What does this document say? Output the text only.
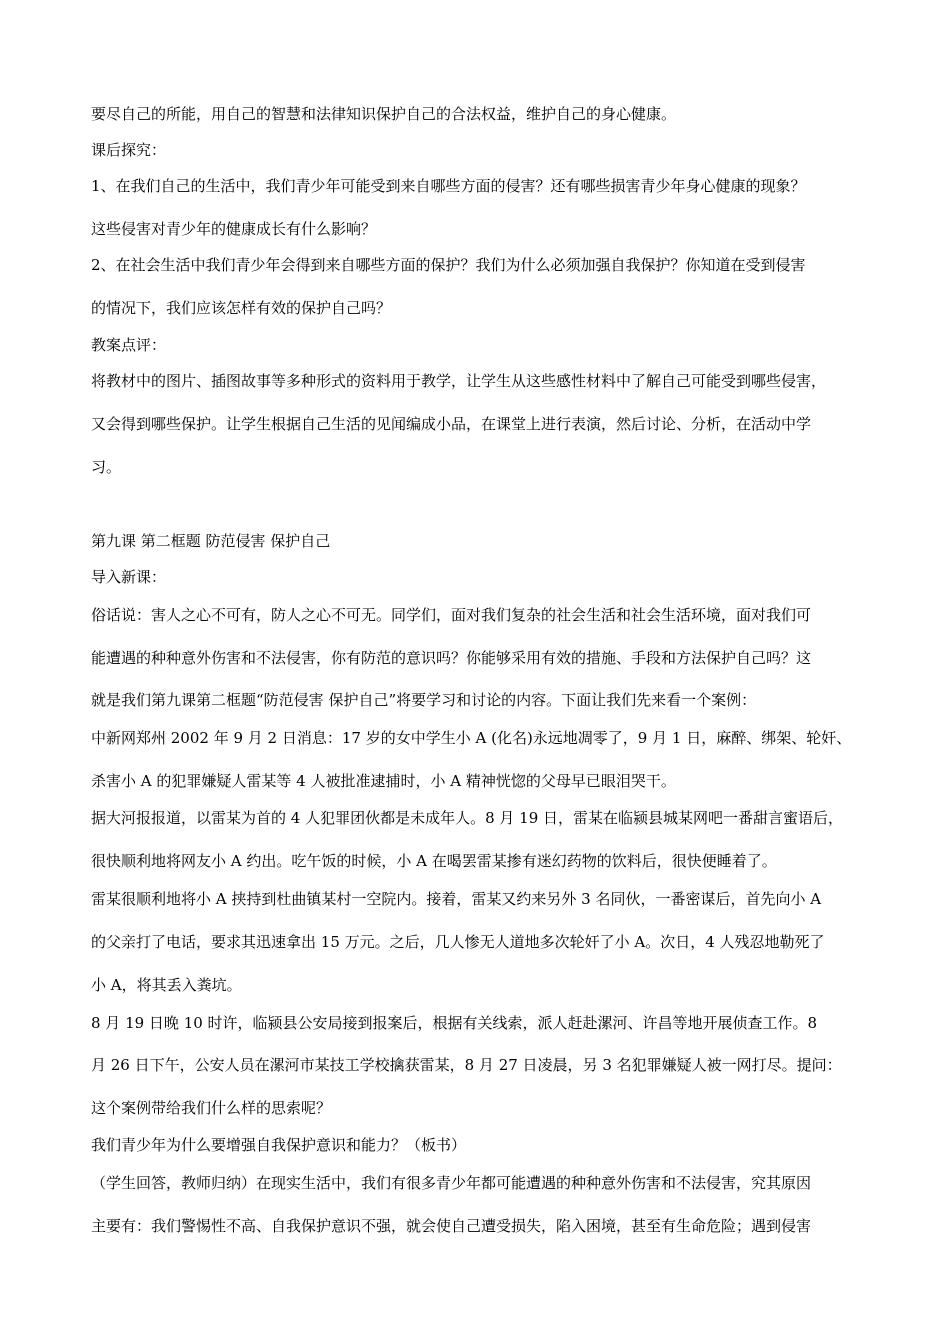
要尽自己的所能，用自己的智慧和法律知识保护自己的合法权益，维护自己的身心健康。
课后探究：
1、在我们自己的生活中，我们青少年可能受到来自哪些方面的侵害？还有哪些损害青少年身心健康的现象？
这些侵害对青少年的健康成长有什么影响？
2、在社会生活中我们青少年会得到来自哪些方面的保护？我们为什么必须加强自我保护？你知道在受到侵害
的情况下，我们应该怎样有效的保护自己吗？
教案点评：
将教材中的图片、插图故事等多种形式的资料用于教学，让学生从这些感性材料中了解自己可能受到哪些侵害，
又会得到哪些保护。让学生根据自己生活的见闻编成小品，在课堂上进行表演，然后讨论、分析，在活动中学
习。
第九课 第二框题 防范侵害 保护自己
导入新课：
俗话说：害人之心不可有，防人之心不可无。同学们，面对我们复杂的社会生活和社会生活环境，面对我们可
能遭遇的种种意外伤害和不法侵害，你有防范的意识吗？你能够采用有效的措施、手段和方法保护自己吗？这
就是我们第九课第二框题“防范侵害 保护自己”将要学习和讨论的内容。下面让我们先来看一个案例：
中新网郑州 2002 年 9 月 2 日消息：17 岁的女中学生小 A (化名)永远地凋零了，9 月 1 日，麻醉、绑架、轮奸、
杀害小 A 的犯罪嫌疑人雷某等 4 人被批准逮捕时，小 A 精神恍惚的父母早已眼泪哭干。
据大河报报道，以雷某为首的 4 人犯罪团伙都是未成年人。8 月 19 日，雷某在临颍县城某网吧一番甜言蜜语后，
很快顺利地将网友小 A 约出。吃午饭的时候，小 A 在喝罢雷某掺有迷幻药物的饮料后，很快便睡着了。
雷某很顺利地将小 A 挟持到杜曲镇某村一空院内。接着，雷某又约来另外 3 名同伙，一番密谋后，首先向小 A
的父亲打了电话，要求其迅速拿出 15 万元。之后，几人惨无人道地多次轮奸了小 A。次日，4 人残忍地勒死了
小 A，将其丢入粪坑。
8 月 19 日晚 10 时许，临颍县公安局接到报案后，根据有关线索，派人赶赴漯河、许昌等地开展侦查工作。8
月 26 日下午，公安人员在漯河市某技工学校擒获雷某，8 月 27 日凌晨，另 3 名犯罪嫌疑人被一网打尽。提问：
这个案例带给我们什么样的思索呢？
我们青少年为什么要增强自我保护意识和能力？（板书）
（学生回答，教师归纳）在现实生活中，我们有很多青少年都可能遭遇的种种意外伤害和不法侵害，究其原因
主要有：我们警惕性不高、自我保护意识不强，就会使自己遭受损失，陷入困境，甚至有生命危险；遇到侵害
